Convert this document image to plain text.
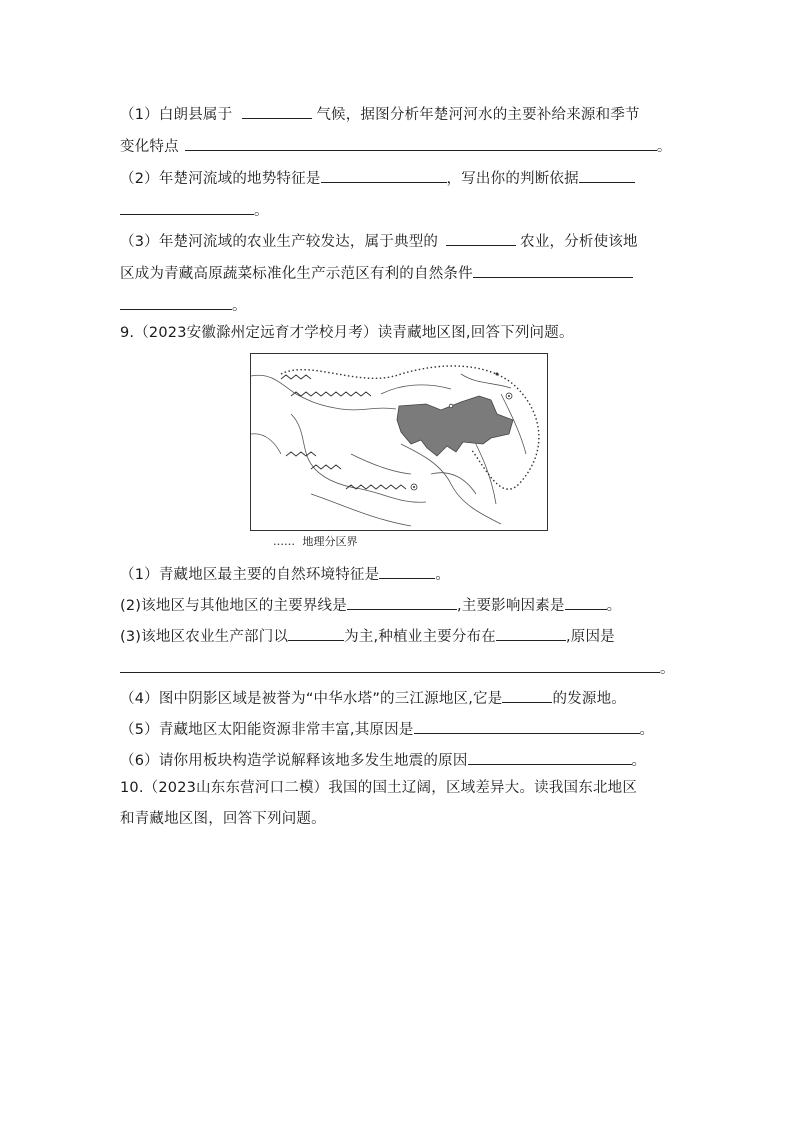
（1）白朗县属于	气候，据图分析年楚河河水的主要补给来源和季节
变化特点	。
（2）年楚河流域的地势特征是	，写出你的判断依据
。
（3）年楚河流域的农业生产较发达，属于典型的	农业，分析使该地
区成为青藏高原蔬菜标准化生产示范区有利的自然条件
。
9.（2023安徽滁州定远育才学校月考）读青藏地区图,回答下列问题。
…… 地理分区界
（1）青藏地区最主要的自然环境特征是	。
(2)该地区与其他地区的主要界线是	,主要影响因素是	。
(3)该地区农业生产部门以	为主,种植业主要分布在	,原因是
。
（4）图中阴影区域是被誉为“中华水塔”的三江源地区,它是	的发源地。
（5）青藏地区太阳能资源非常丰富,其原因是	。
（6）请你用板块构造学说解释该地多发生地震的原因	。
10.（2023山东东营河口二模）我国的国土辽阔，区域差异大。读我国东北地区
和青藏地区图，回答下列问题。
